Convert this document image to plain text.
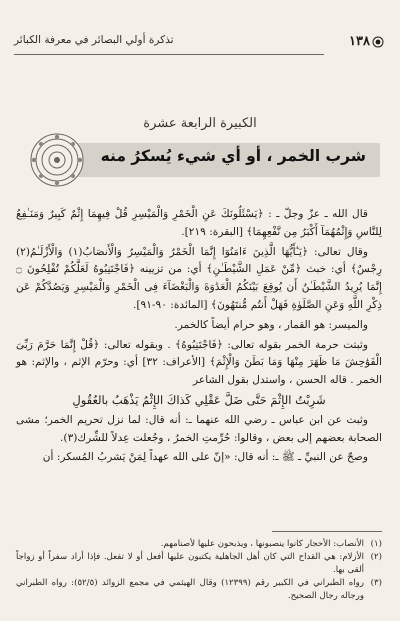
تذكرة أولي البصائر في معرفة الكبائر	١٣٨
الكبيرة الرابعة عشرة
شرب الخمر ، أو أي شيء يُسكرُ منه

قال الله ـ عزّ وجلّ ـ : ﴿يَسْئَلُونَكَ عَنِ الْخَمْرِ وَالْمَيْسِرِ قُلْ فِيهِمَا إِثْمٌ كَبِيرٌ وَمَنَـٰفِعُ لِلنَّاسِ وَإِثْمُهُمَآ أَكْبَرُ مِن نَّفْعِهِمَا﴾ [البقرة: ٢١٩].

وقال تعالى: ﴿يَـٰٓأَيُّهَا الَّذِينَ ءَامَنُوٓا إِنَّمَا الْخَمْرُ وَالْمَيْسِرُ وَالْأَنصَابُ(١) وَالْأَزْلَـٰمُ(٢) رِجْسٌ﴾ أي: خبث ﴿مِّنْ عَمَلِ الشَّيْطَـٰنِ﴾ أي: من تزيينه ﴿فَاجْتَنِبُوهُ لَعَلَّكُمْ تُفْلِحُونَ ۝ إِنَّمَا يُرِيدُ الشَّيْطَـٰنُ أَن يُوقِعَ بَيْنَكُمُ الْعَدَٰوَةَ وَالْبَغْضَآءَ فِى الْخَمْرِ وَالْمَيْسِرِ وَيَصُدَّكُمْ عَن ذِكْرِ اللَّهِ وَعَنِ الصَّلَوٰةِ فَهَلْ أَنتُم مُّنتَهُونَ﴾ [المائدة: ٩٠-٩١].

والميسر: هو القمار ، وهو حرام أيضاً كالخمر.

وثبتت حرمة الخمر بقوله تعالى: ﴿فَاجْتَنِبُوهُ﴾ . وبقوله تعالى: ﴿قُلْ إِنَّمَا حَرَّمَ رَبِّىَ الْفَوَٰحِشَ مَا ظَهَرَ مِنْهَا وَمَا بَطَنَ وَالْإِثْمَ﴾ [الأعراف: ٣٢] أي: وحرّم الإثم ، والإثم: هو الخمر . قاله الحسن ، واستدل بقول الشاعر

شَرِبْتُ الإِثْمَ حَتَّى ضَلَّ عَقْلِي كَذاكَ الإِثْمُ يَذْهَبُ بالعُقُولِ

وثبت عن ابن عباس ـ رضي الله عنهما ـ: أنه قال: لما نزل تحريم الخمر؛ مشى الصحابة بعضهم إلى بعض ، وقالوا: حُرِّمتِ الخمرُ ، وجُعلت عِدلاً للشِّرك(٣).

وصحّ عن النبيِّ ـ ﷺ ـ: أنه قال: «إنّ على الله عهداً لِمَنْ يَشربُ المُسكر: أن

(١)
الأنصاب: الأحجار كانوا ينصبونها ، ويذبحون عليها لأصنامهم.
(٢)
الأزلام: هي القداح التي كان أهل الجاهلية يكتبون عليها أفعل أو لا تفعل. فإذا أراد سفراً أو زواجاً ألقى بها.
(٣)
رواه الطبراني في الكبير رقم (١٢٣٩٩) وقال الهيثمي في مجمع الزوائد (٥٢/٥): رواه الطبراني ورجاله رجال الصحيح.
